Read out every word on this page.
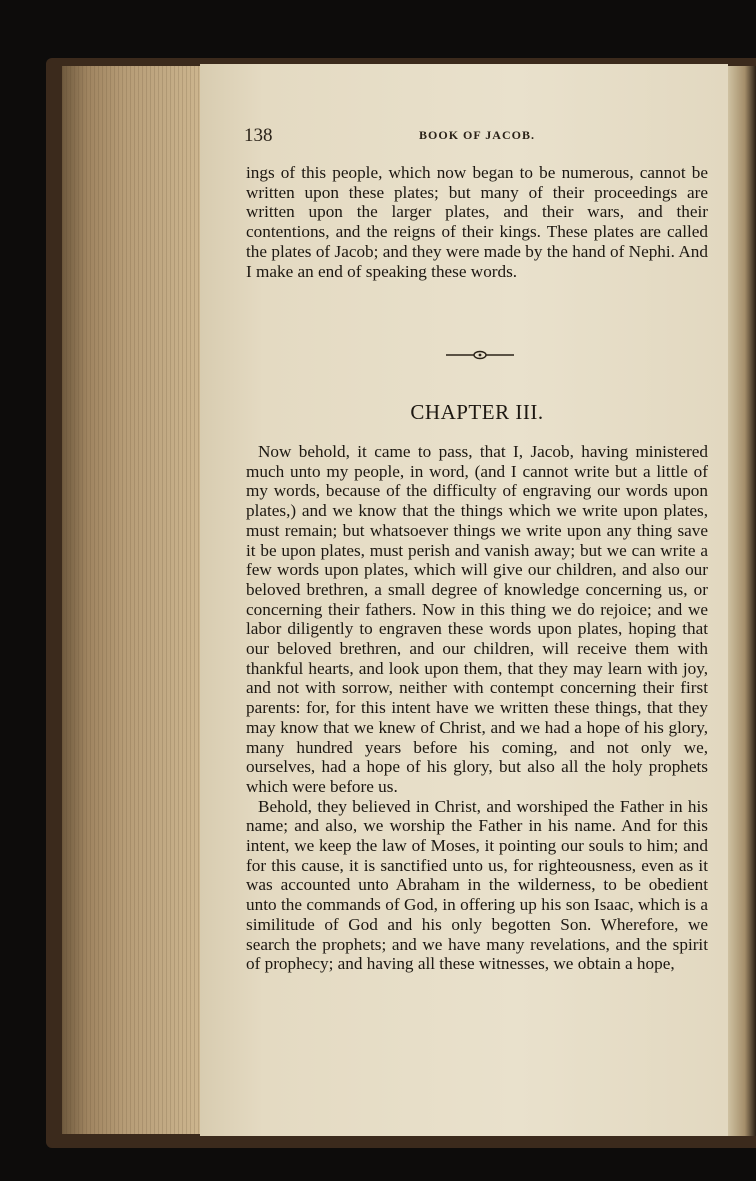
138	BOOK OF JACOB.

ings of this people, which now began to be numerous, cannot be written upon these plates; but many of their proceedings are written upon the larger plates, and their wars, and their contentions, and the reigns of their kings. These plates are called the plates of Jacob; and they were made by the hand of Nephi. And I make an end of speaking these words.

CHAPTER III.

Now behold, it came to pass, that I, Jacob, having ministered much unto my people, in word, (and I cannot write but a little of my words, because of the difficulty of engraving our words upon plates,) and we know that the things which we write upon plates, must remain; but whatsoever things we write upon any thing save it be upon plates, must perish and vanish away; but we can write a few words upon plates, which will give our children, and also our beloved brethren, a small degree of knowledge concerning us, or concerning their fathers. Now in this thing we do rejoice; and we labor diligently to engraven these words upon plates, hoping that our beloved brethren, and our children, will receive them with thankful hearts, and look upon them, that they may learn with joy, and not with sorrow, neither with contempt concerning their first parents: for, for this intent have we written these things, that they may know that we knew of Christ, and we had a hope of his glory, many hundred years before his coming, and not only we, ourselves, had a hope of his glory, but also all the holy prophets which were before us.

Behold, they believed in Christ, and worshiped the Father in his name; and also, we worship the Father in his name. And for this intent, we keep the law of Moses, it pointing our souls to him; and for this cause, it is sanctified unto us, for righteousness, even as it was accounted unto Abraham in the wilderness, to be obedient unto the commands of God, in offering up his son Isaac, which is a similitude of God and his only begotten Son. Wherefore, we search the prophets; and we have many revelations, and the spirit of prophecy; and having all these witnesses, we obtain a hope,
